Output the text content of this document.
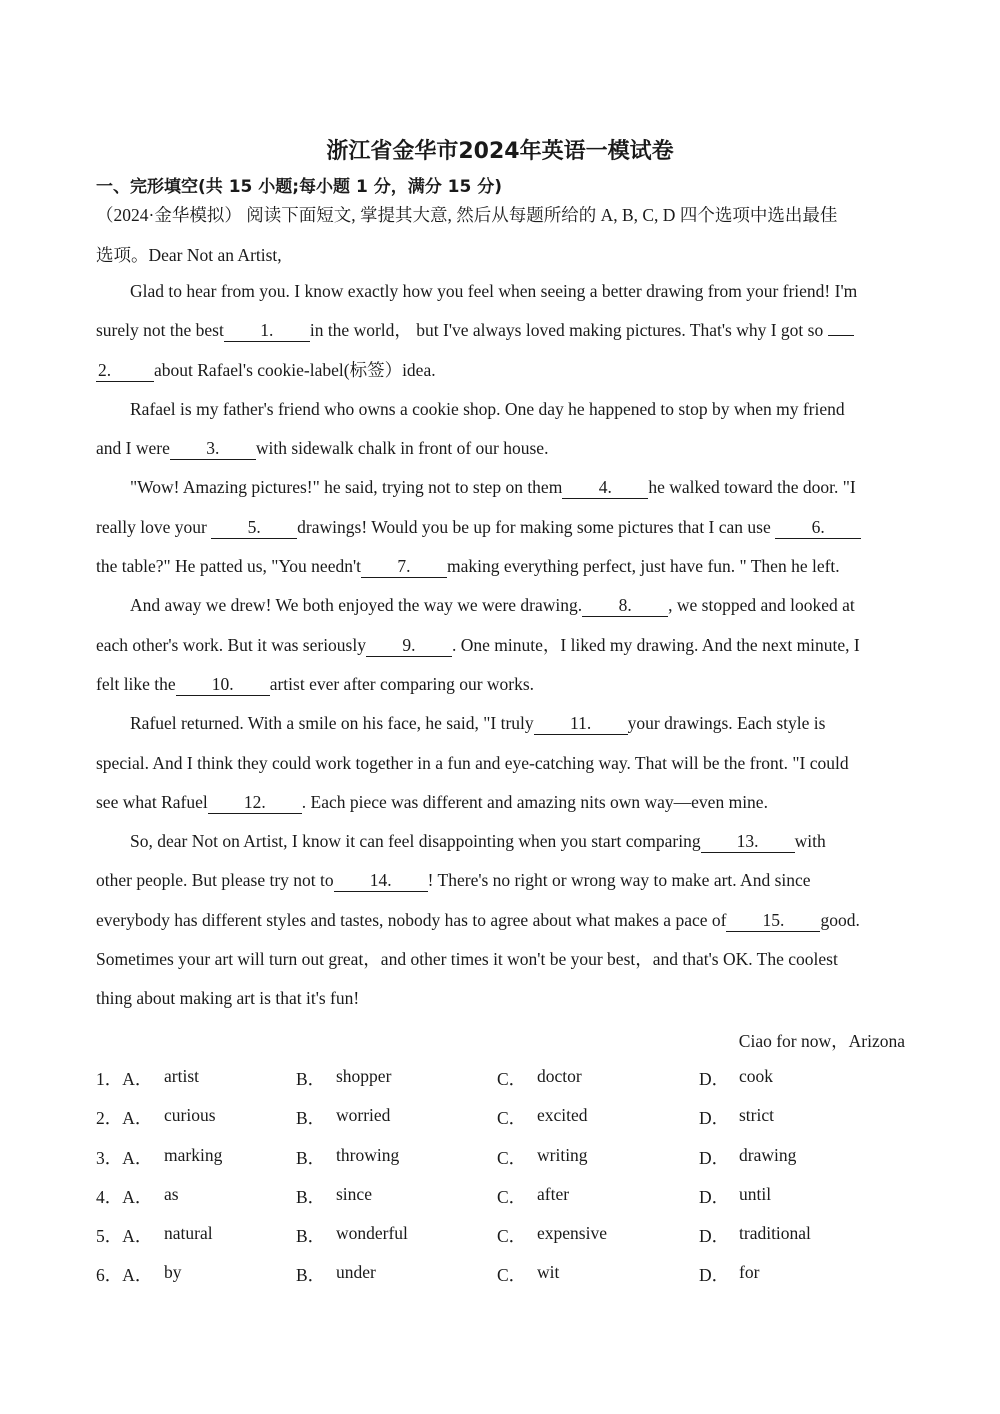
浙江省金华市2024年英语一模试卷
一、完形填空(共 15 小题;每小题 1 分，满分 15 分)
（2024·金华模拟） 阅读下面短文, 掌提其大意, 然后从每题所给的 A, B, C, D 四个选项中选出最佳
选项。Dear Not an Artist,
Glad to hear from you. I know exactly how you feel when seeing a better drawing from your friend! I'm
surely not the best 1. in the world， but I've always loved making pictures. That's why I got so
2. about Rafael's cookie-label(标签）idea.
Rafael is my father's friend who owns a cookie shop. One day he happened to stop by when my friend
and I were 3. with sidewalk chalk in front of our house.
"Wow! Amazing pictures!" he said, trying not to step on them 4. he walked toward the door. "I
really love your 5. drawings! Would you be up for making some pictures that I can use 6.
the table?" He patted us, "You needn't 7. making everything perfect, just have fun. " Then he left.
And away we drew! We both enjoyed the way we were drawing. 8. , we stopped and looked at
each other's work. But it was seriously 9. . One minute，I liked my drawing. And the next minute, I
felt like the 10. artist ever after comparing our works.
Rafuel returned. With a smile on his face, he said, "I truly 11. your drawings. Each style is
special. And I think they could work together in a fun and eye-catching way. That will be the front. "I could
see what Rafuel 12. . Each piece was different and amazing nits own way—even mine.
So, dear Not on Artist, I know it can feel disappointing when you start comparing 13. with
other people. But please try not to 14. ! There's no right or wrong way to make art. And since
everybody has different styles and tastes, nobody has to agree about what makes a pace of 15. good.
Sometimes your art will turn out great，and other times it won't be your best，and that's OK. The coolest
thing about making art is that it's fun!
Ciao for now，Arizona
1．A． artist	B． shopper	C． doctor	D． cook
2．A． curious	B． worried	C． excited	D． strict
3．A． marking	B． throwing	C． writing	D． drawing
4．A． as	B． since	C． after	D． until
5．A． natural	B． wonderful	C． expensive	D． traditional
6．A． by	B． under	C． wit	D． for
